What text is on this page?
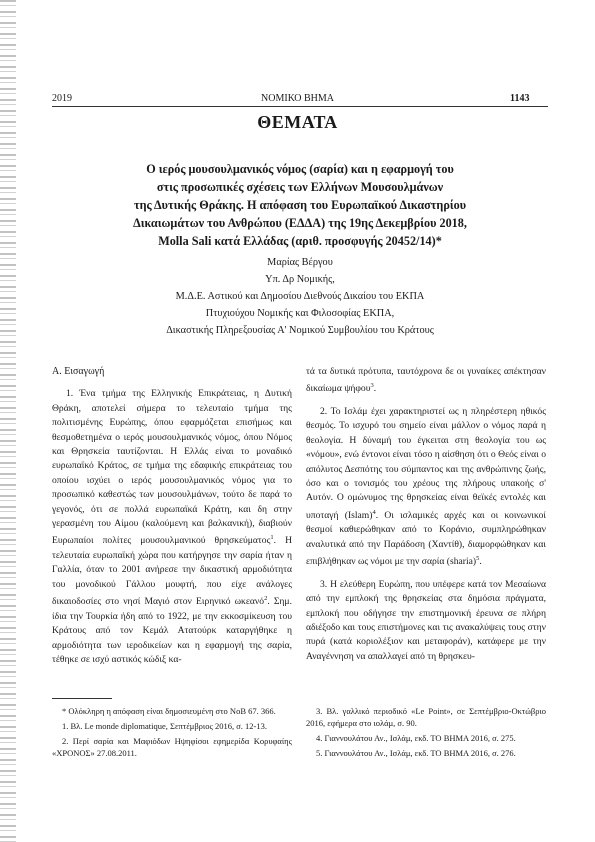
2019	ΝΟΜΙΚΟ ΒΗΜΑ	1143
ΘΕΜΑΤΑ
Ο ιερός μουσουλμανικός νόμος (σαρία) και η εφαρμογή του
στις προσωπικές σχέσεις των Ελλήνων Μουσουλμάνων
της Δυτικής Θράκης. Η απόφαση του Ευρωπαϊκού Δικαστηρίου
Δικαιωμάτων του Ανθρώπου (ΕΔΔΑ) της 19ης Δεκεμβρίου 2018,
Molla Sali κατά Ελλάδας (αριθ. προσφυγής 20452/14)*
Μαρίας Βέργου
Υπ. Δρ Νομικής,
Μ.Δ.Ε. Αστικού και Δημοσίου Διεθνούς Δικαίου του ΕΚΠΑ
Πτυχιούχου Νομικής και Φιλοσοφίας ΕΚΠΑ,
Δικαστικής Πληρεξουσίας Α' Νομικού Συμβουλίου του Κράτους

Α. Εισαγωγή

1. Ένα τμήμα της Ελληνικής Επικράτειας, η Δυτική Θράκη, αποτελεί σήμερα το τελευταίο τμήμα της πολιτισμένης Ευρώπης, όπου εφαρμόζεται επισήμως και θεσμοθετημένα ο ιερός μουσουλμανικός νόμος, όπου Νόμος και Θρησκεία ταυτίζονται. Η Ελλάς είναι το μοναδικό ευρωπαϊκό Κράτος, σε τμήμα της εδαφικής επικράτειας του οποίου ισχύει ο ιερός μουσουλμανικός νόμος για το προσωπικό καθεστώς των μουσουλμάνων, τούτο δε παρά το γεγονός, ότι σε πολλά ευρωπαϊκά Κράτη, και δη στην γερασμένη του Αίμου (καλούμενη και βαλκανική), διαβιούν Ευρωπαίοι πολίτες μουσουλμανικού θρησκεύματος$^1$. Η τελευταία ευρωπαϊκή χώρα που κατήργησε την σαρία ήταν η Γαλλία, όταν το 2001 ανήρεσε την δικαστική αρμοδιότητα του μονοδικού Γάλλου μουφτή, που είχε ανάλογες δικαιοδοσίες στο νησί Μαγιό στον Ειρηνικό ωκεανό$^2$. Σημ. ίδια την Τουρκία ήδη από το 1922, με την εκκοσμίκευση του Κράτους από τον Κεμάλ Ατατούρκ καταργήθηκε η αρμοδιότητα των ιεροδικείων και η εφαρμογή της σαρία, τέθηκε σε ισχύ αστικός κώδιξ κα-

τά τα δυτικά πρότυπα, ταυτόχρονα δε οι γυναίκες απέκτησαν δικαίωμα ψήφου$^3$.

2. Το Ισλάμ έχει χαρακτηριστεί ως η πληρέστερη ηθικός θεσμός. Το ισχυρό του σημείο είναι μάλλον ο νόμος παρά η θεολογία. Η δύναμή του έγκειται στη θεολογία του ως «νόμου», ενώ έντονοι είναι τόσο η αίσθηση ότι ο Θεός είναι ο απόλυτος Δεσπότης του σύμπαντος και της ανθρώπινης ζωής, όσο και ο τονισμός του χρέους της πλήρους υπακοής σ' Αυτόν. Ο ομώνυμος της θρησκείας είναι θεϊκές εντολές και υποταγή (Islam)$^4$. Οι ισλαμικές αρχές και οι κοινωνικοί θεσμοί καθιερώθηκαν από το Κοράνιο, συμπληρώθηκαν αναλυτικά από την Παράδοση (Χαντίθ), διαμορφώθηκαν και επιβλήθηκαν ως νόμοι με την σαρία (sharia)$^5$.

3. Η ελεύθερη Ευρώπη, που υπέφερε κατά τον Μεσαίωνα από την εμπλοκή της θρησκείας στα δημόσια πράγματα, εμπλοκή που οδήγησε την επιστημονική έρευνα σε πλήρη αδιέξοδο και τους επιστήμονες και τις ανακαλύψεις τους στην πυρά (κατά κοριολέξιον και μεταφοράν), κατάφερε με την Αναγέννηση να απαλλαγεί από τη θρησκευ-

* Ολόκληρη η απόφαση είναι δημοσιευμένη στο ΝοΒ 67. 366.

1. Βλ. Le monde diplomatique, Σεπτέμβριος 2016, σ. 12-13.

2. Περί σαρία και Μαφιόδων Ηψηφίσοι εφημερίδα Κορυφαίης «ΧΡΟΝΟΣ» 27.08.2011.

3. Βλ. γαλλικό περιοδικό «Le Point», σε Σεπτέμβριο-Οκτώβριο 2016, εφήμερα στο ιολάμ, σ. 90.

4. Γιαννουλάτου Αν., Ισλάμ, εκδ. ΤΟ ΒΗΜΑ 2016, σ. 275.

5. Γιαννουλάτου Αν., Ισλάμ, εκδ. ΤΟ ΒΗΜΑ 2016, σ. 276.
